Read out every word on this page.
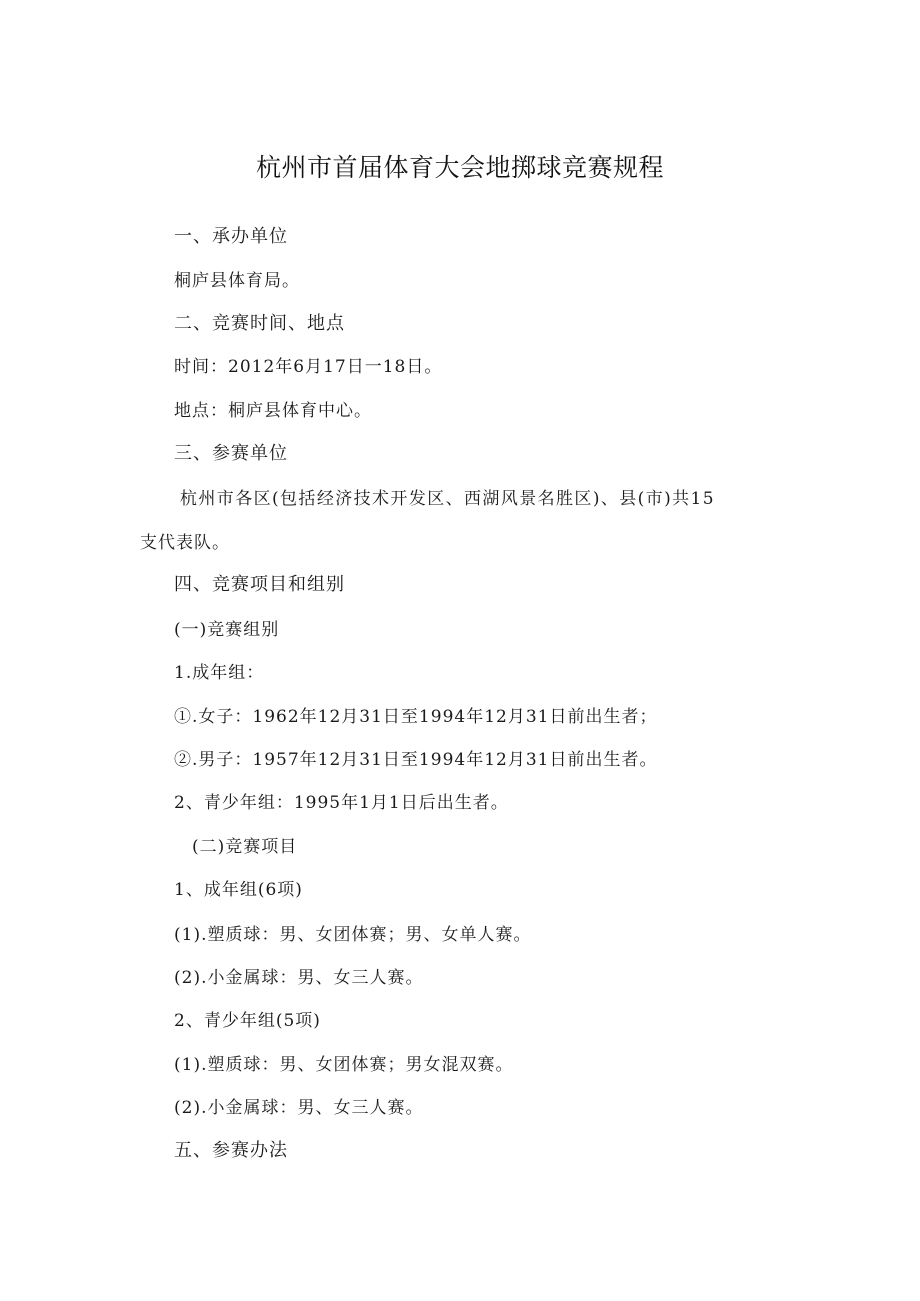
杭州市首届体育大会地掷球竞赛规程
一、承办单位
桐庐县体育局。
二、竞赛时间、地点
时间：2012年6月17日一18日。
地点：桐庐县体育中心。
三、参赛单位
杭州市各区(包括经济技术开发区、西湖风景名胜区)、县(市)共15
支代表队。
四、竞赛项目和组别
(一)竞赛组别
1.成年组：
①.女子：1962年12月31日至1994年12月31日前出生者；
②.男子：1957年12月31日至1994年12月31日前出生者。
2、青少年组：1995年1月1日后出生者。
(二)竞赛项目
1、成年组(6项)
(1).塑质球：男、女团体赛；男、女单人赛。
(2).小金属球：男、女三人赛。
2、青少年组(5项)
(1).塑质球：男、女团体赛；男女混双赛。
(2).小金属球：男、女三人赛。
五、参赛办法
